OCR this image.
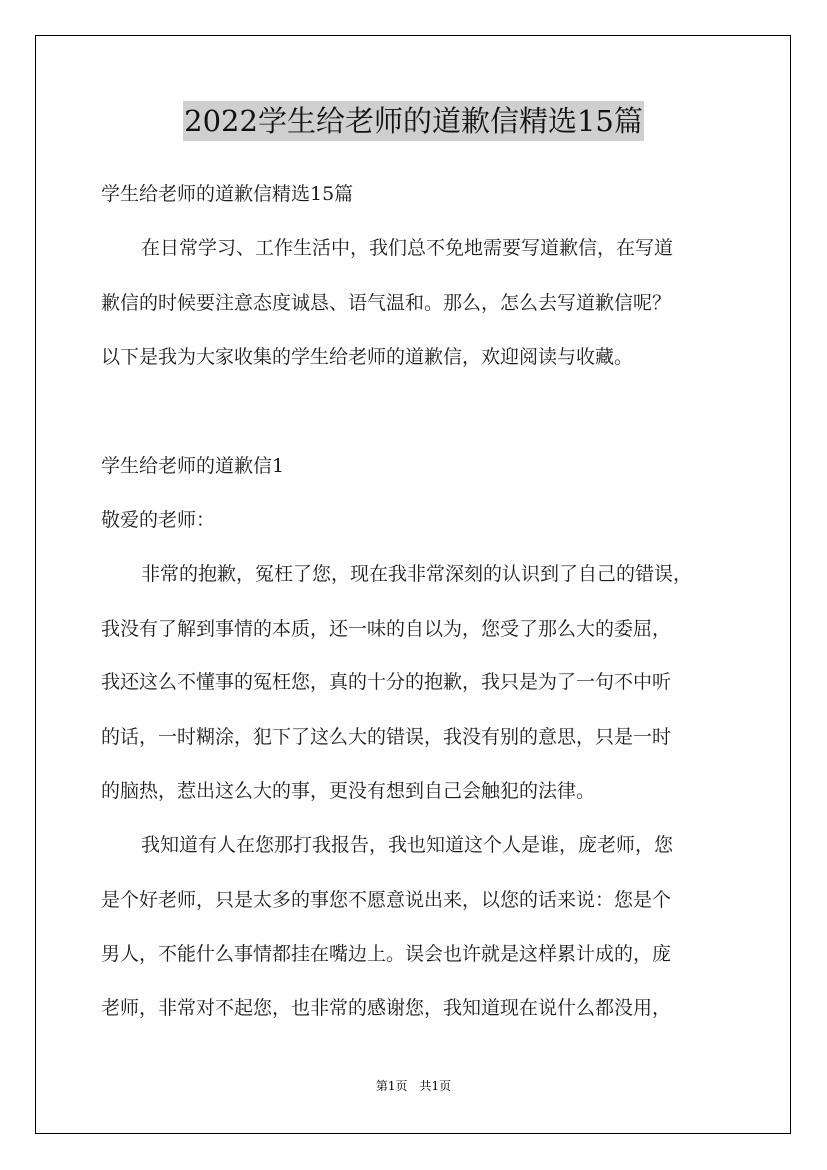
2022学生给老师的道歉信精选15篇

学生给老师的道歉信精选15篇

在日常学习、工作生活中，我们总不免地需要写道歉信，在写道

歉信的时候要注意态度诚恳、语气温和。那么，怎么去写道歉信呢？

以下是我为大家收集的学生给老师的道歉信，欢迎阅读与收藏。

学生给老师的道歉信1

敬爱的老师：

非常的抱歉，冤枉了您，现在我非常深刻的认识到了自己的错误，

我没有了解到事情的本质，还一味的自以为，您受了那么大的委屈，

我还这么不懂事的冤枉您，真的十分的抱歉，我只是为了一句不中听

的话，一时糊涂，犯下了这么大的错误，我没有别的意思，只是一时

的脑热，惹出这么大的事，更没有想到自己会触犯的法律。

我知道有人在您那打我报告，我也知道这个人是谁，庞老师，您

是个好老师，只是太多的事您不愿意说出来，以您的话来说：您是个

男人，不能什么事情都挂在嘴边上。误会也许就是这样累计成的，庞

老师，非常对不起您，也非常的感谢您，我知道现在说什么都没用，

第1页　共1页
